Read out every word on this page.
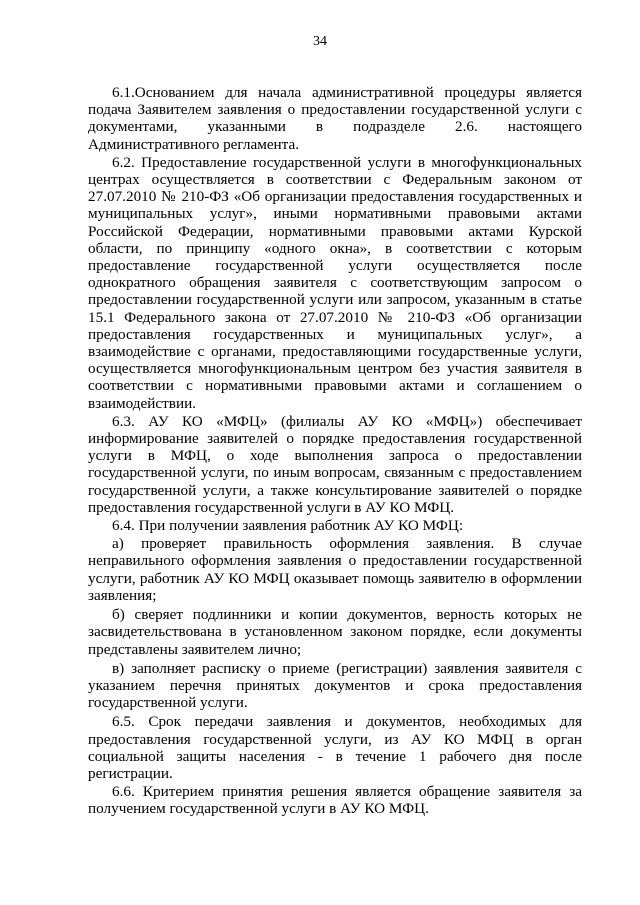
34

6.1.Основанием для начала административной процедуры является подача Заявителем заявления о предоставлении государственной услуги с документами, указанными в подразделе 2.6. настоящего Административного регламента.

6.2. Предоставление государственной услуги в многофункциональных центрах осуществляется в соответствии с Федеральным законом от 27.07.2010 № 210-ФЗ «Об организации предоставления государственных и муниципальных услуг», иными нормативными правовыми актами Российской Федерации, нормативными правовыми актами Курской области, по принципу «одного окна», в соответствии с которым предоставление государственной услуги осуществляется после однократного обращения заявителя с соответствующим запросом о предоставлении государственной услуги или запросом, указанным в статье 15.1 Федерального закона от 27.07.2010 № 210-ФЗ «Об организации предоставления государственных и муниципальных услуг», а взаимодействие с органами, предоставляющими государственные услуги, осуществляется многофункциональным центром без участия заявителя в соответствии с нормативными правовыми актами и соглашением о взаимодействии.

6.3. АУ КО «МФЦ» (филиалы АУ КО «МФЦ») обеспечивает информирование заявителей о порядке предоставления государственной услуги в МФЦ, о ходе выполнения запроса о предоставлении государственной услуги, по иным вопросам, связанным с предоставлением государственной услуги, а также консультирование заявителей о порядке предоставления государственной услуги в АУ КО МФЦ.

6.4. При получении заявления работник АУ КО МФЦ:

а) проверяет правильность оформления заявления. В случае неправильного оформления заявления о предоставлении государственной услуги, работник АУ КО МФЦ оказывает помощь заявителю в оформлении заявления;

б) сверяет подлинники и копии документов, верность которых не засвидетельствована в установленном законом порядке, если документы представлены заявителем лично;

в) заполняет расписку о приеме (регистрации) заявления заявителя с указанием перечня принятых документов и срока предоставления государственной услуги.

6.5. Срок передачи заявления и документов, необходимых для предоставления государственной услуги, из АУ КО МФЦ в орган социальной защиты населения - в течение 1 рабочего дня после регистрации.

6.6. Критерием принятия решения является обращение заявителя за получением государственной услуги в АУ КО МФЦ.
